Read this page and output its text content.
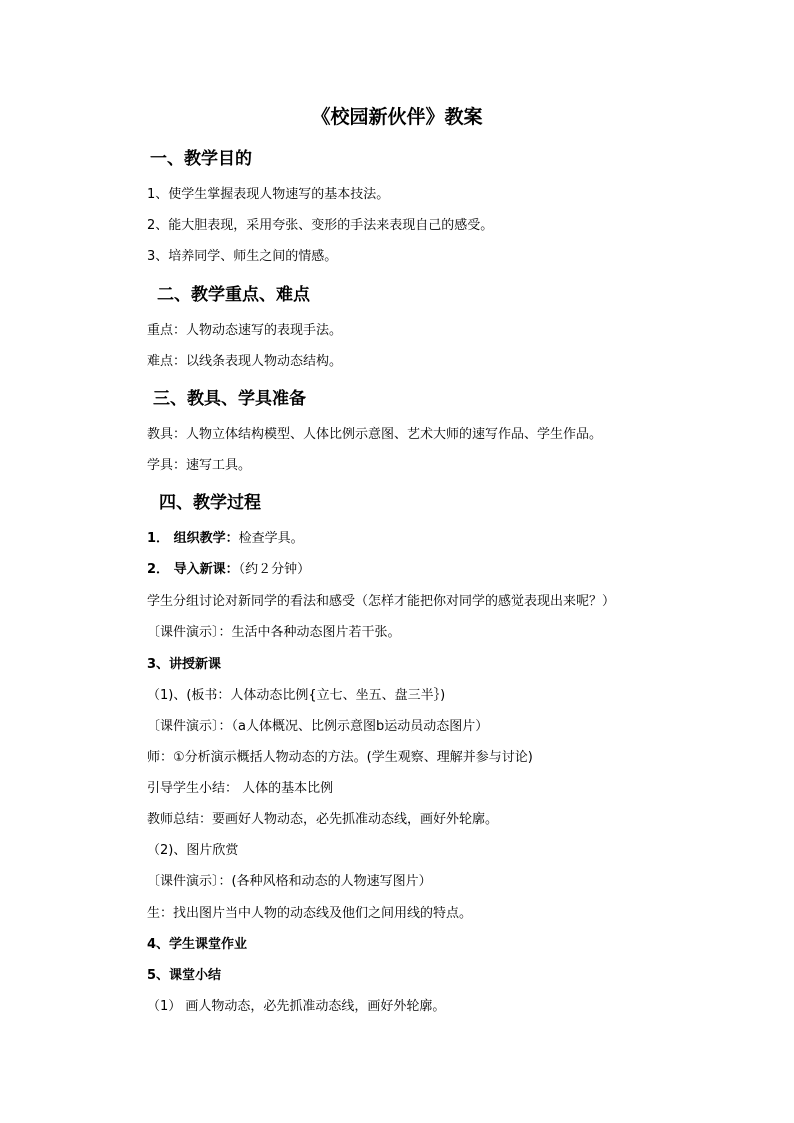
《校园新伙伴》教案
一、教学目的
1、使学生掌握表现人物速写的基本技法。
2、能大胆表现，采用夸张、变形的手法来表现自己的感受。
3、培养同学、师生之间的情感。
二、教学重点、难点
重点：人物动态速写的表现手法。
难点：以线条表现人物动态结构。
三、教具、学具准备
教具：人物立体结构模型、人体比例示意图、艺术大师的速写作品、学生作品。
学具：速写工具。
四、教学过程
1． 组织教学：检查学具。
2． 导入新课：（约２分钟）
学生分组讨论对新同学的看法和感受（怎样才能把你对同学的感觉表现出来呢？）
〔课件演示〕：生活中各种动态图片若干张。
3、讲授新课
（1)、(板书：人体动态比例{立七、坐五、盘三半｝)
〔课件演示〕：（a人体概况、比例示意图b运动员动态图片）
师：①分析演示概括人物动态的方法。(学生观察、理解并参与讨论)
引导学生小结： 人体的基本比例
教师总结：要画好人物动态，必先抓准动态线，画好外轮廓。
（2)、图片欣赏
〔课件演示〕：(各种风格和动态的人物速写图片）
生：找出图片当中人物的动态线及他们之间用线的特点。
4、学生课堂作业
5、课堂小结
（1） 画人物动态，必先抓准动态线，画好外轮廓。
